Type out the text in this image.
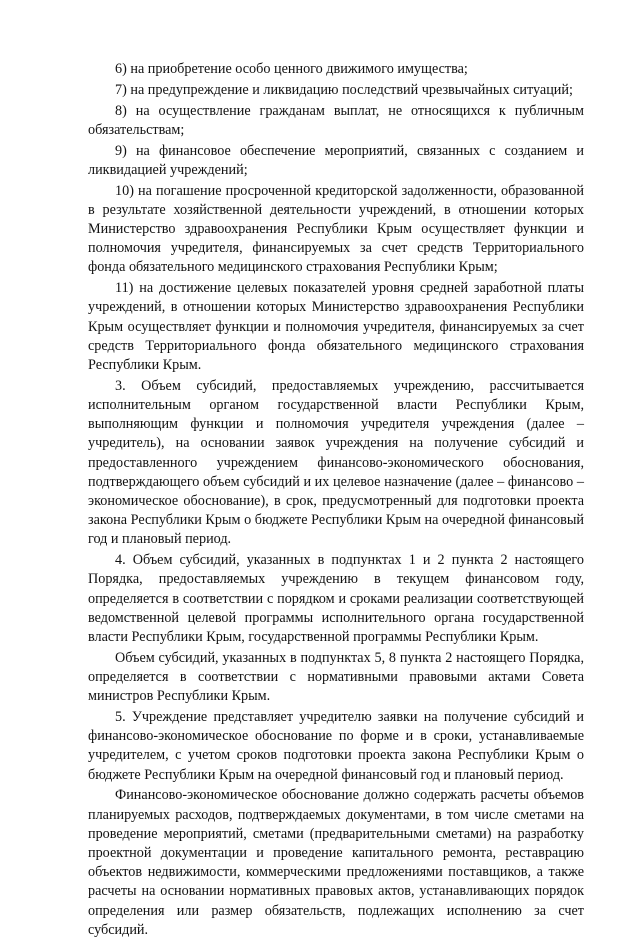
6) на приобретение особо ценного движимого имущества;

7) на предупреждение и ликвидацию последствий чрезвычайных ситуаций;

8) на осуществление гражданам выплат, не относящихся к публичным обязательствам;

9) на финансовое обеспечение мероприятий, связанных с созданием и ликвидацией учреждений;

10) на погашение просроченной кредиторской задолженности, образованной в результате хозяйственной деятельности учреждений, в отношении которых Министерство здравоохранения Республики Крым осуществляет функции и полномочия учредителя, финансируемых за счет средств Территориального фонда обязательного медицинского страхования Республики Крым;

11) на достижение целевых показателей уровня средней заработной платы учреждений, в отношении которых Министерство здравоохранения Республики Крым осуществляет функции и полномочия учредителя, финансируемых за счет средств Территориального фонда обязательного медицинского страхования Республики Крым.

3. Объем субсидий, предоставляемых учреждению, рассчитывается исполнительным органом государственной власти Республики Крым, выполняющим функции и полномочия учредителя учреждения (далее – учредитель), на основании заявок учреждения на получение субсидий и предоставленного учреждением финансово-экономического обоснования, подтверждающего объем субсидий и их целевое назначение (далее – финансово – экономическое обоснование), в срок, предусмотренный для подготовки проекта закона Республики Крым о бюджете Республики Крым на очередной финансовый год и плановый период.

4. Объем субсидий, указанных в подпунктах 1 и 2 пункта 2 настоящего Порядка, предоставляемых учреждению в текущем финансовом году, определяется в соответствии с порядком и сроками реализации соответствующей ведомственной целевой программы исполнительного органа государственной власти Республики Крым, государственной программы Республики Крым.

Объем субсидий, указанных в подпунктах 5, 8 пункта 2 настоящего Порядка, определяется в соответствии с нормативными правовыми актами Совета министров Республики Крым.

5. Учреждение представляет учредителю заявки на получение субсидий и финансово-экономическое обоснование по форме и в сроки, устанавливаемые учредителем, с учетом сроков подготовки проекта закона Республики Крым о бюджете Республики Крым на очередной финансовый год и плановый период.

Финансово-экономическое обоснование должно содержать расчеты объемов планируемых расходов, подтверждаемых документами, в том числе сметами на проведение мероприятий, сметами (предварительными сметами) на разработку проектной документации и проведение капитального ремонта, реставрацию объектов недвижимости, коммерческими предложениями поставщиков, а также расчеты на основании нормативных правовых актов, устанавливающих порядок определения или размер обязательств, подлежащих исполнению за счет субсидий.
